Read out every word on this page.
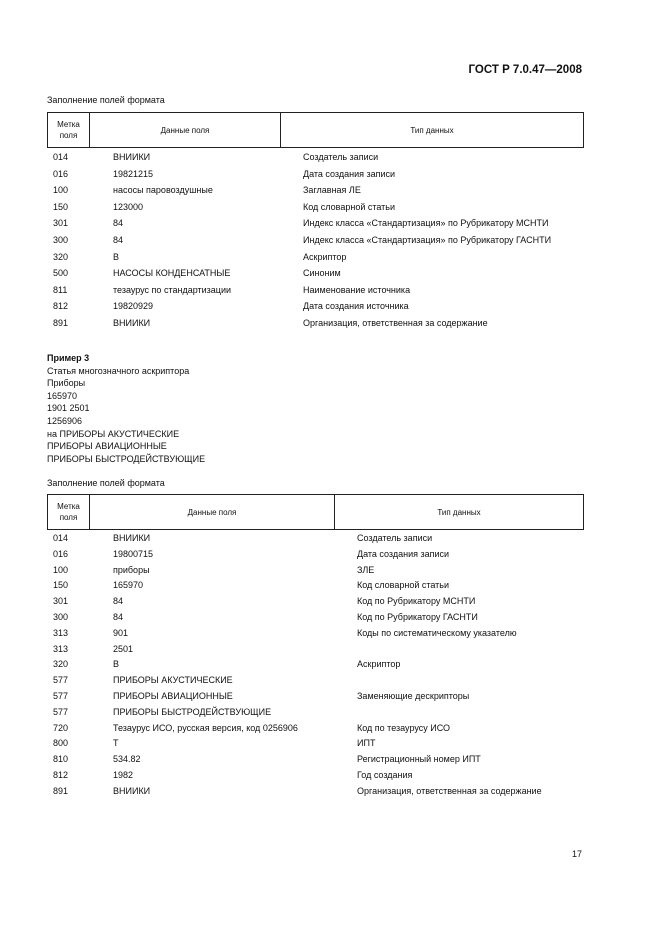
ГОСТ Р 7.0.47—2008
Заполнение полей формата
Метка поля	Данные поля	Тип данных
014	ВНИИКИ	Создатель записи
016	19821215	Дата создания записи
100	насосы паровоздушные	Заглавная ЛЕ
150	123000	Код словарной статьи
301	84	Индекс класса «Стандартизация» по Рубрикатору МСНТИ
300	84	Индекс класса «Стандартизация» по Рубрикатору ГАСНТИ
320	В	Аскриптор
500	НАСОСЫ КОНДЕНСАТНЫЕ	Синоним
811	тезаурус по стандартизации	Наименование источника
812	19820929	Дата создания источника
891	ВНИИКИ	Организация, ответственная за содержание
Пример 3
Статья многозначного аскриптора
Приборы
165970
1901 2501
1256906
на ПРИБОРЫ АКУСТИЧЕСКИЕ
ПРИБОРЫ АВИАЦИОННЫЕ
ПРИБОРЫ БЫСТРОДЕЙСТВУЮЩИЕ
Заполнение полей формата
Метка поля	Данные поля	Тип данных
014	ВНИИКИ	Создатель записи
016	19800715	Дата создания записи
100	приборы	ЗЛЕ
150	165970	Код словарной статьи
301	84	Код по Рубрикатору МСНТИ
300	84	Код по Рубрикатору ГАСНТИ
313	901	Коды по систематическому указателю
313	2501
320	В	Аскриптор
577	ПРИБОРЫ АКУСТИЧЕСКИЕ
577	ПРИБОРЫ АВИАЦИОННЫЕ	Заменяющие дескрипторы
577	ПРИБОРЫ БЫСТРОДЕЙСТВУЮЩИЕ
720	Тезаурус ИСО, русская версия, код 0256906	Код по тезаурусу ИСО
800	Т	ИПТ
810	534.82	Регистрационный номер ИПТ
812	1982	Год создания
891	ВНИИКИ	Организация, ответственная за содержание
17
